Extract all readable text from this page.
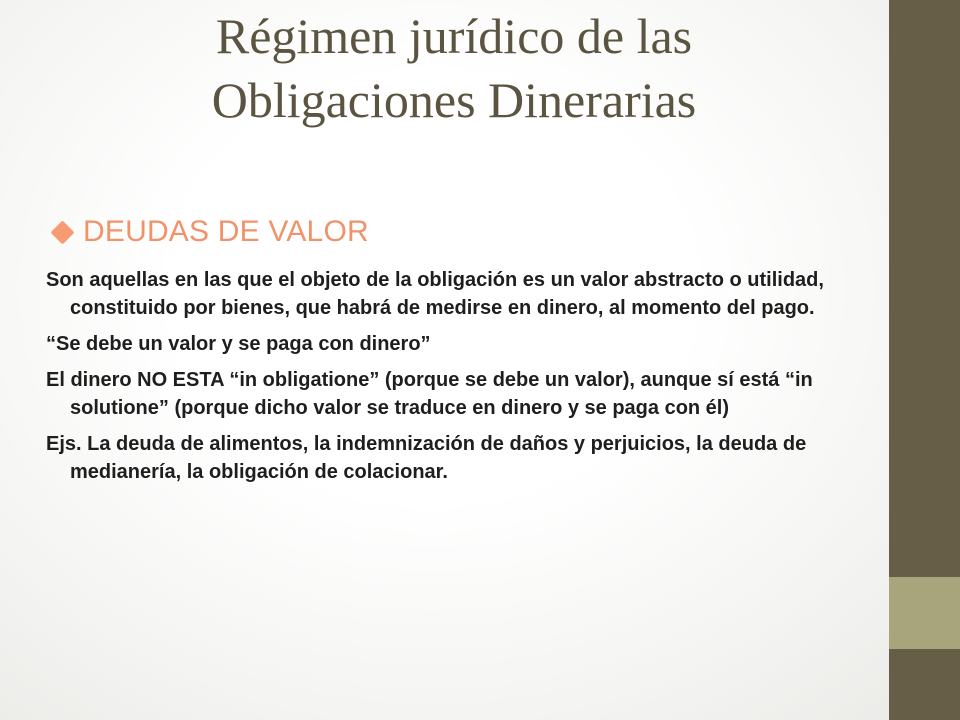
Régimen jurídico de las
Obligaciones Dinerarias
DEUDAS DE VALOR

Son aquellas en las que el objeto de la obligación es un valor abstracto o utilidad, constituido por bienes, que habrá de medirse en dinero, al momento del pago.

“Se debe un valor y se paga con dinero”

El dinero NO ESTA “in obligatione” (porque se debe un valor), aunque sí está “in solutione” (porque dicho valor se traduce en dinero y se paga con él)

Ejs. La deuda de alimentos, la indemnización de daños y perjuicios, la deuda de medianería, la obligación de colacionar.
